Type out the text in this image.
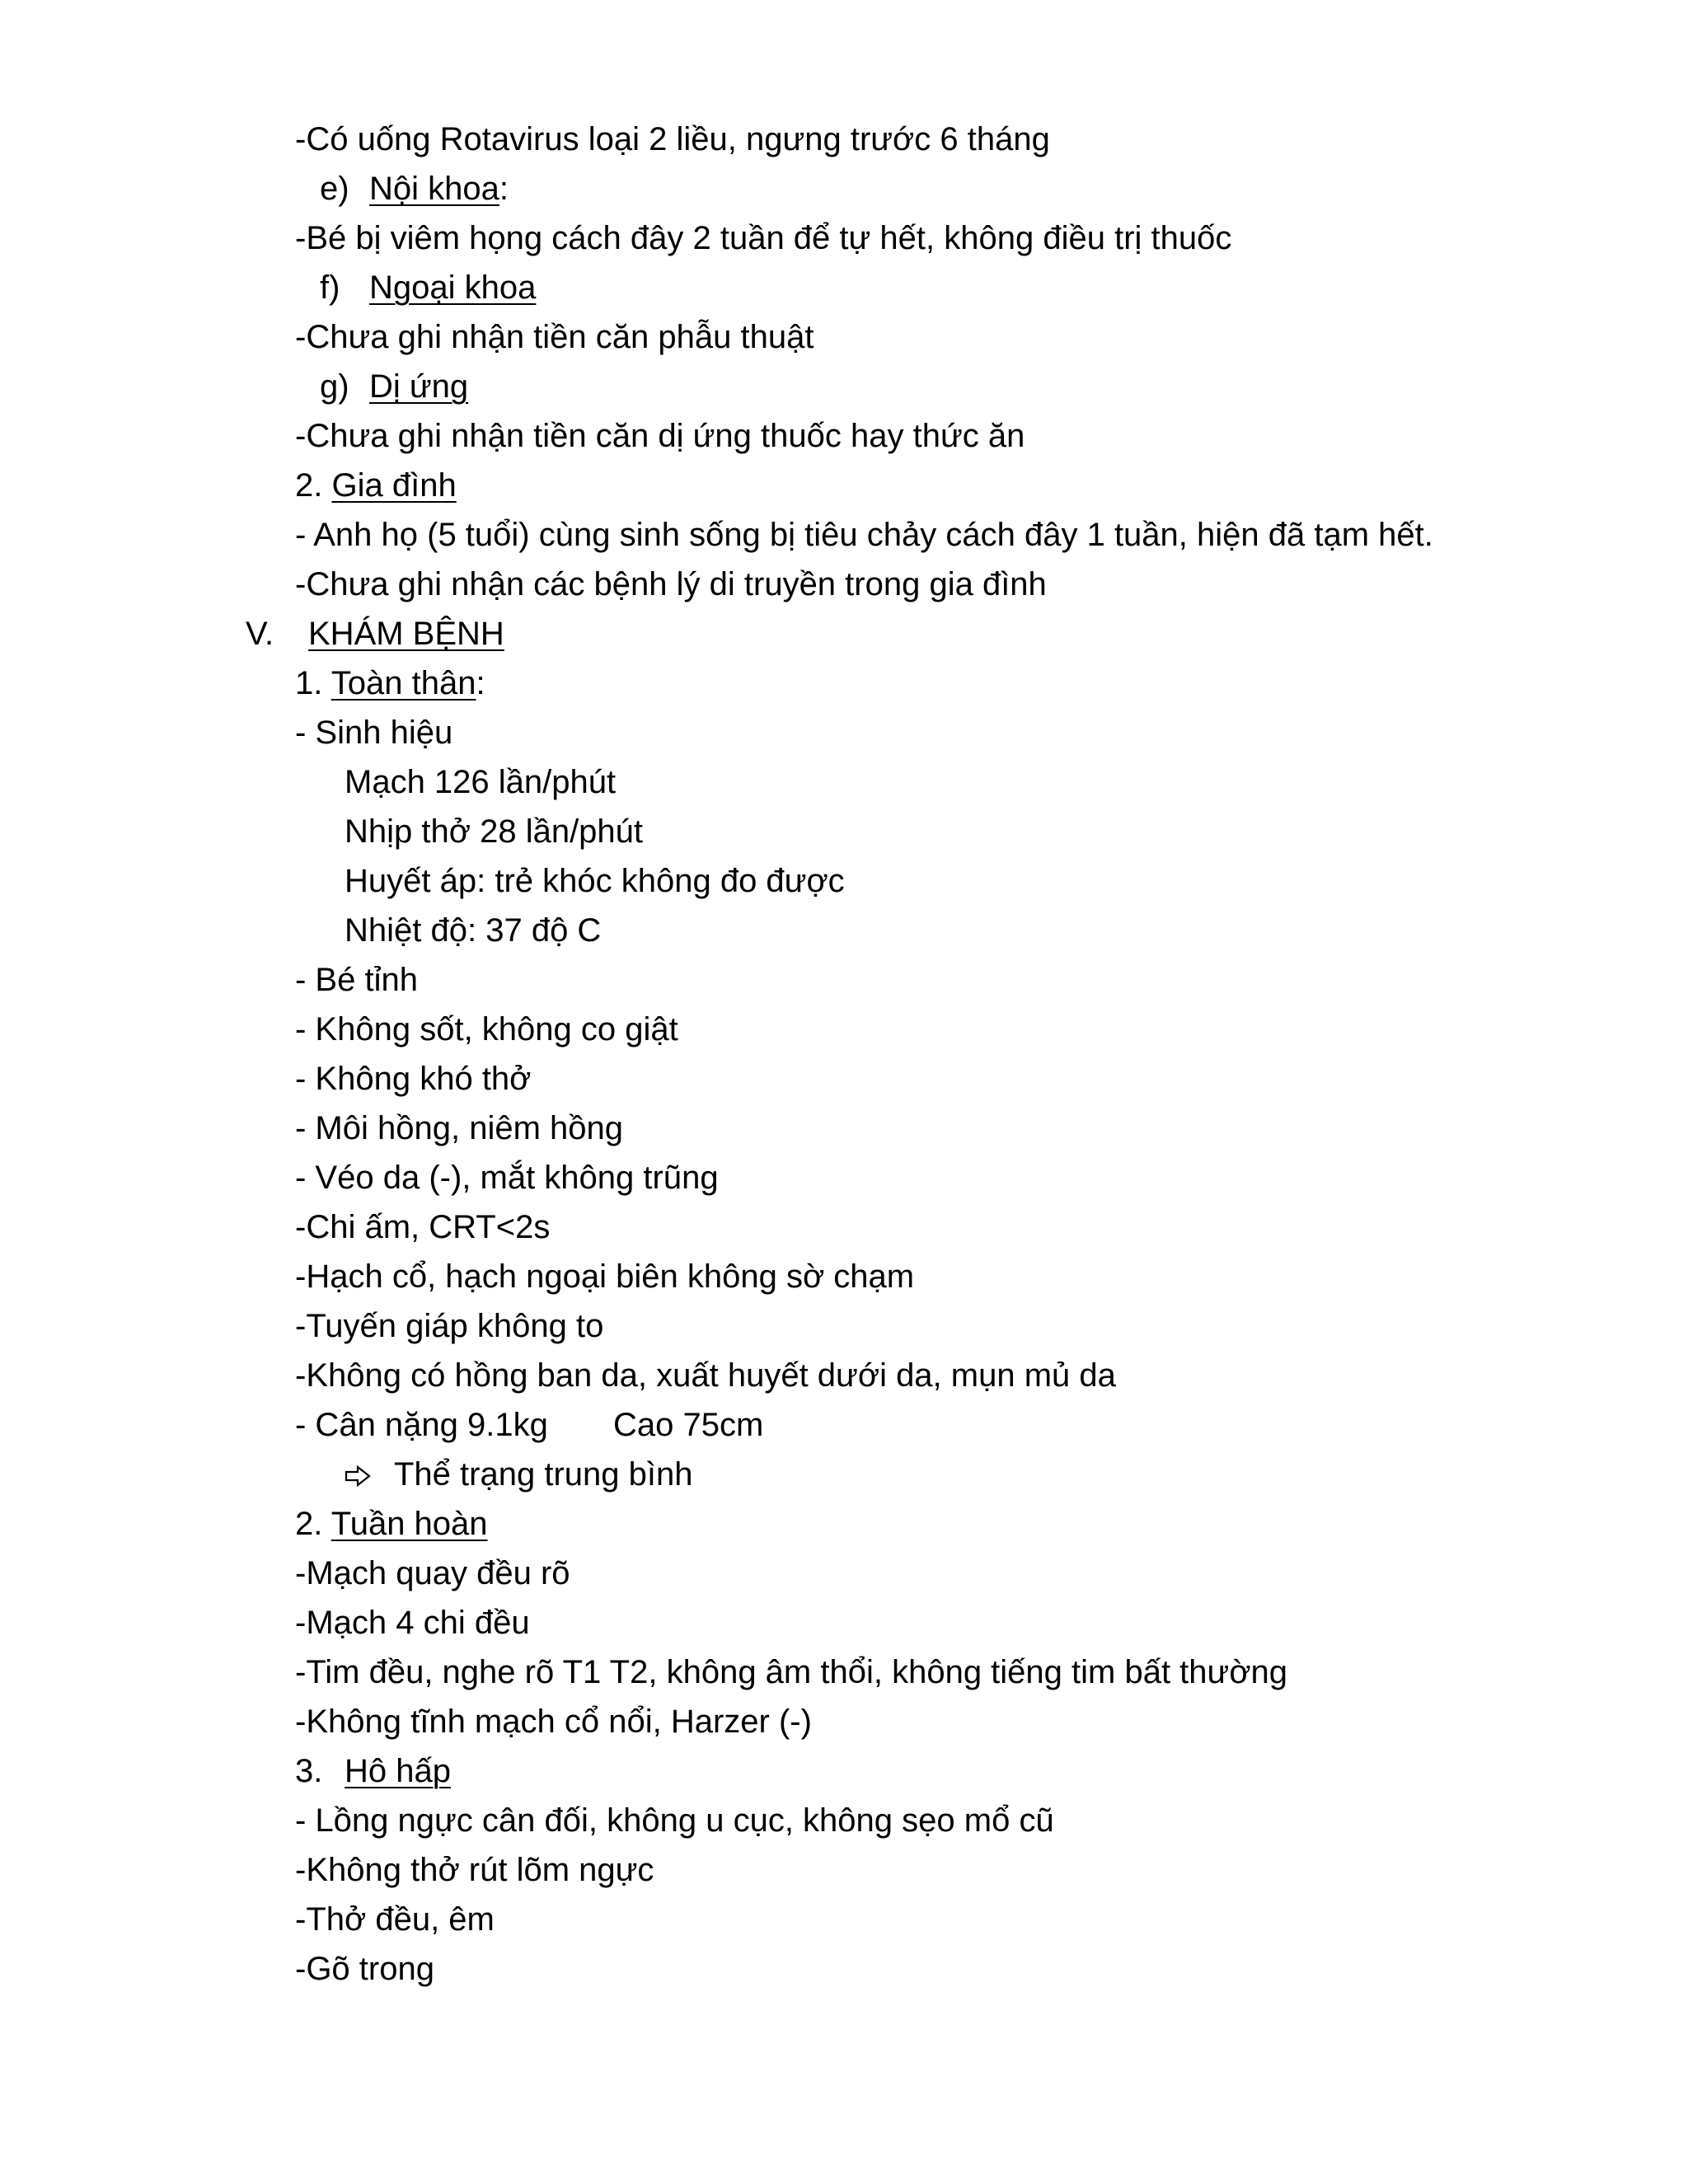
-Có uống Rotavirus loại 2 liều, ngưng trước 6 tháng
e) Nội khoa:
-Bé bị viêm họng cách đây 2 tuần để tự hết, không điều trị thuốc
f) Ngoại khoa
-Chưa ghi nhận tiền căn phẫu thuật
g) Dị ứng
-Chưa ghi nhận tiền căn dị ứng thuốc hay thức ăn
2. Gia đình
- Anh họ (5 tuổi) cùng sinh sống bị tiêu chảy cách đây 1 tuần, hiện đã tạm hết.
-Chưa ghi nhận các bệnh lý di truyền trong gia đình
V. KHÁM BỆNH
1. Toàn thân:
- Sinh hiệu
Mạch 126 lần/phút
Nhịp thở 28 lần/phút
Huyết áp: trẻ khóc không đo được
Nhiệt độ: 37 độ C
- Bé tỉnh
- Không sốt, không co giật
- Không khó thở
- Môi hồng, niêm hồng
- Véo da (-), mắt không trũng
-Chi ấm, CRT<2s
-Hạch cổ, hạch ngoại biên không sờ chạm
-Tuyến giáp không to
-Không có hồng ban da, xuất huyết dưới da, mụn mủ da
- Cân nặng 9.1kg Cao 75cm
Thể trạng trung bình
2. Tuần hoàn
-Mạch quay đều rõ
-Mạch 4 chi đều
-Tim đều, nghe rõ T1 T2, không âm thổi, không tiếng tim bất thường
-Không tĩnh mạch cổ nổi, Harzer (-)
3. Hô hấp
- Lồng ngực cân đối, không u cục, không sẹo mổ cũ
-Không thở rút lõm ngực
-Thở đều, êm
-Gõ trong
